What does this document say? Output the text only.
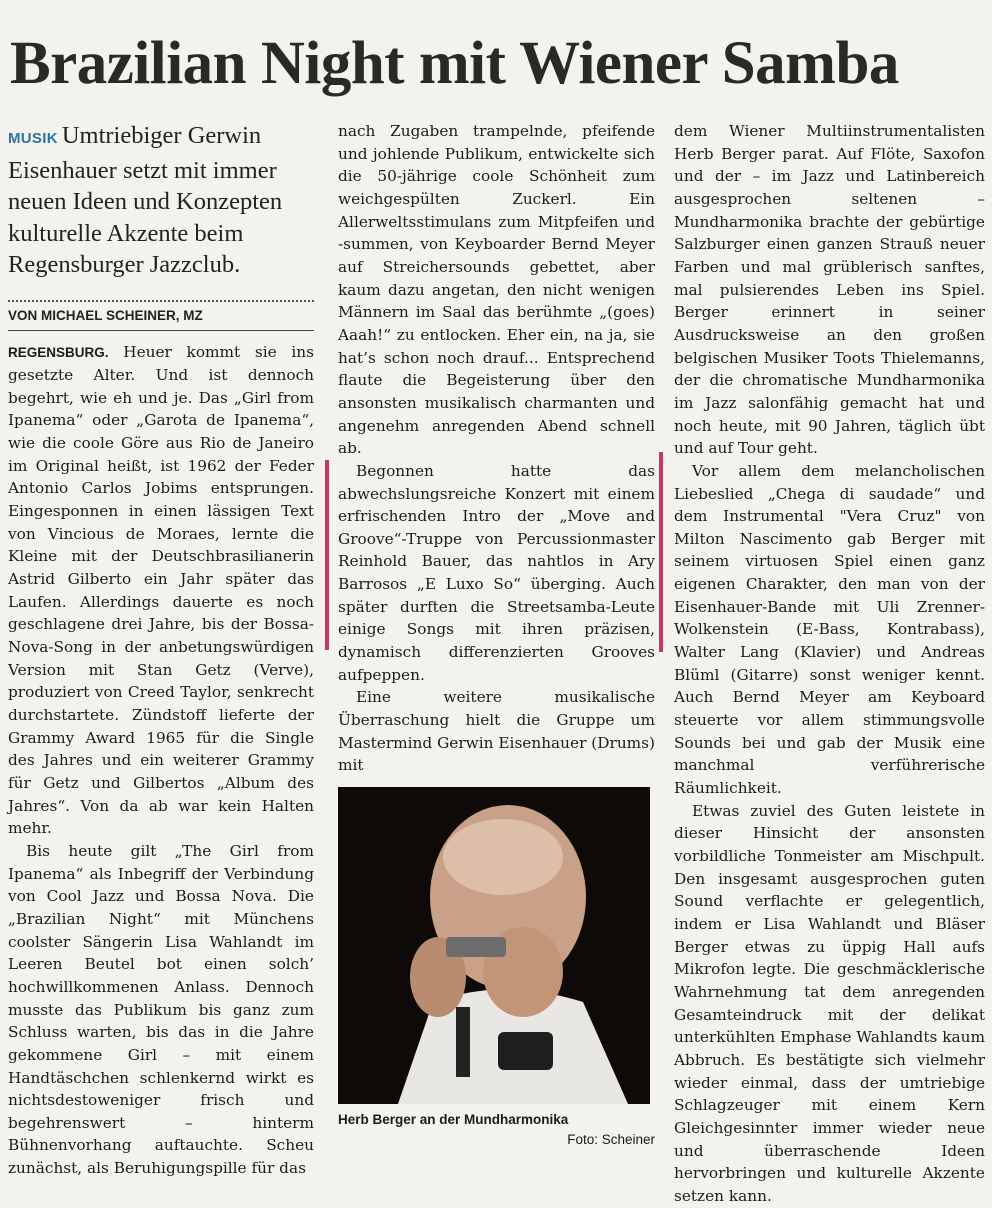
Brazilian Night mit Wiener Samba

MUSIK Umtriebiger Gerwin Eisenhauer setzt mit immer neuen Ideen und Konzepten kulturelle Akzente beim Regensburger Jazzclub.

VON MICHAEL SCHEINER, MZ

REGENSBURG. Heuer kommt sie ins gesetzte Alter. Und ist dennoch begehrt, wie eh und je. Das „Girl from Ipanema“ oder „Garota de Ipanema“, wie die coole Göre aus Rio de Janeiro im Original heißt, ist 1962 der Feder Antonio Carlos Jobims entsprungen. Eingesponnen in einen lässigen Text von Vincious de Moraes, lernte die Kleine mit der Deutschbrasilianerin Astrid Gilberto ein Jahr später das Laufen. Allerdings dauerte es noch geschlagene drei Jahre, bis der Bossa-Nova-Song in der anbetungswürdigen Version mit Stan Getz (Verve), produziert von Creed Taylor, senkrecht durchstartete. Zündstoff lieferte der Grammy Award 1965 für die Single des Jahres und ein weiterer Grammy für Getz und Gilbertos „Album des Jahres“. Von da ab war kein Halten mehr.

Bis heute gilt „The Girl from Ipanema“ als Inbegriff der Verbindung von Cool Jazz und Bossa Nova. Die „Brazilian Night“ mit Münchens coolster Sängerin Lisa Wahlandt im Leeren Beutel bot einen solch’ hochwillkommenen Anlass. Dennoch musste das Publikum bis ganz zum Schluss warten, bis das in die Jahre gekommene Girl – mit einem Handtäschchen schlenkernd wirkt es nichtsdestoweniger frisch und begehrenswert – hinterm Bühnenvorhang auftauchte. Scheu zunächst, als Beruhigungspille für das

nach Zugaben trampelnde, pfeifende und johlende Publikum, entwickelte sich die 50-jährige coole Schönheit zum weichgespülten Zuckerl. Ein Allerweltsstimulans zum Mitpfeifen und -summen, von Keyboarder Bernd Meyer auf Streichersounds gebettet, aber kaum dazu angetan, den nicht wenigen Männern im Saal das berühmte „(goes) Aaah!“ zu entlocken. Eher ein, na ja, sie hat’s schon noch drauf... Entsprechend flaute die Begeisterung über den ansonsten musikalisch charmanten und angenehm anregenden Abend schnell ab.

Begonnen hatte das abwechslungsreiche Konzert mit einem erfrischenden Intro der „Move and Groove“-Truppe von Percussionmaster Reinhold Bauer, das nahtlos in Ary Barrosos „E Luxo So“ überging. Auch später durften die Streetsamba-Leute einige Songs mit ihren präzisen, dynamisch differenzierten Grooves aufpeppen.

Eine weitere musikalische Überraschung hielt die Gruppe um Mastermind Gerwin Eisenhauer (Drums) mit

Herb Berger an der Mundharmonika
Foto: Scheiner

dem Wiener Multiinstrumentalisten Herb Berger parat. Auf Flöte, Saxofon und der – im Jazz und Latinbereich ausgesprochen seltenen – Mundharmonika brachte der gebürtige Salzburger einen ganzen Strauß neuer Farben und mal grüblerisch sanftes, mal pulsierendes Leben ins Spiel. Berger erinnert in seiner Ausdrucksweise an den großen belgischen Musiker Toots Thielemanns, der die chromatische Mundharmonika im Jazz salonfähig gemacht hat und noch heute, mit 90 Jahren, täglich übt und auf Tour geht.

Vor allem dem melancholischen Liebeslied „Chega di saudade“ und dem Instrumental "Vera Cruz" von Milton Nascimento gab Berger mit seinem virtuosen Spiel einen ganz eigenen Charakter, den man von der Eisenhauer-Bande mit Uli Zrenner-Wolkenstein (E-Bass, Kontrabass), Walter Lang (Klavier) und Andreas Blüml (Gitarre) sonst weniger kennt. Auch Bernd Meyer am Keyboard steuerte vor allem stimmungsvolle Sounds bei und gab der Musik eine manchmal verführerische Räumlichkeit.

Etwas zuviel des Guten leistete in dieser Hinsicht der ansonsten vorbildliche Tonmeister am Mischpult. Den insgesamt ausgesprochen guten Sound verflachte er gelegentlich, indem er Lisa Wahlandt und Bläser Berger etwas zu üppig Hall aufs Mikrofon legte. Die geschmäcklerische Wahrnehmung tat dem anregenden Gesamteindruck mit der delikat unterkühlten Emphase Wahlandts kaum Abbruch. Es bestätigte sich vielmehr wieder einmal, dass der umtriebige Schlagzeuger mit einem Kern Gleichgesinnter immer wieder neue und überraschende Ideen hervorbringen und kulturelle Akzente setzen kann.
